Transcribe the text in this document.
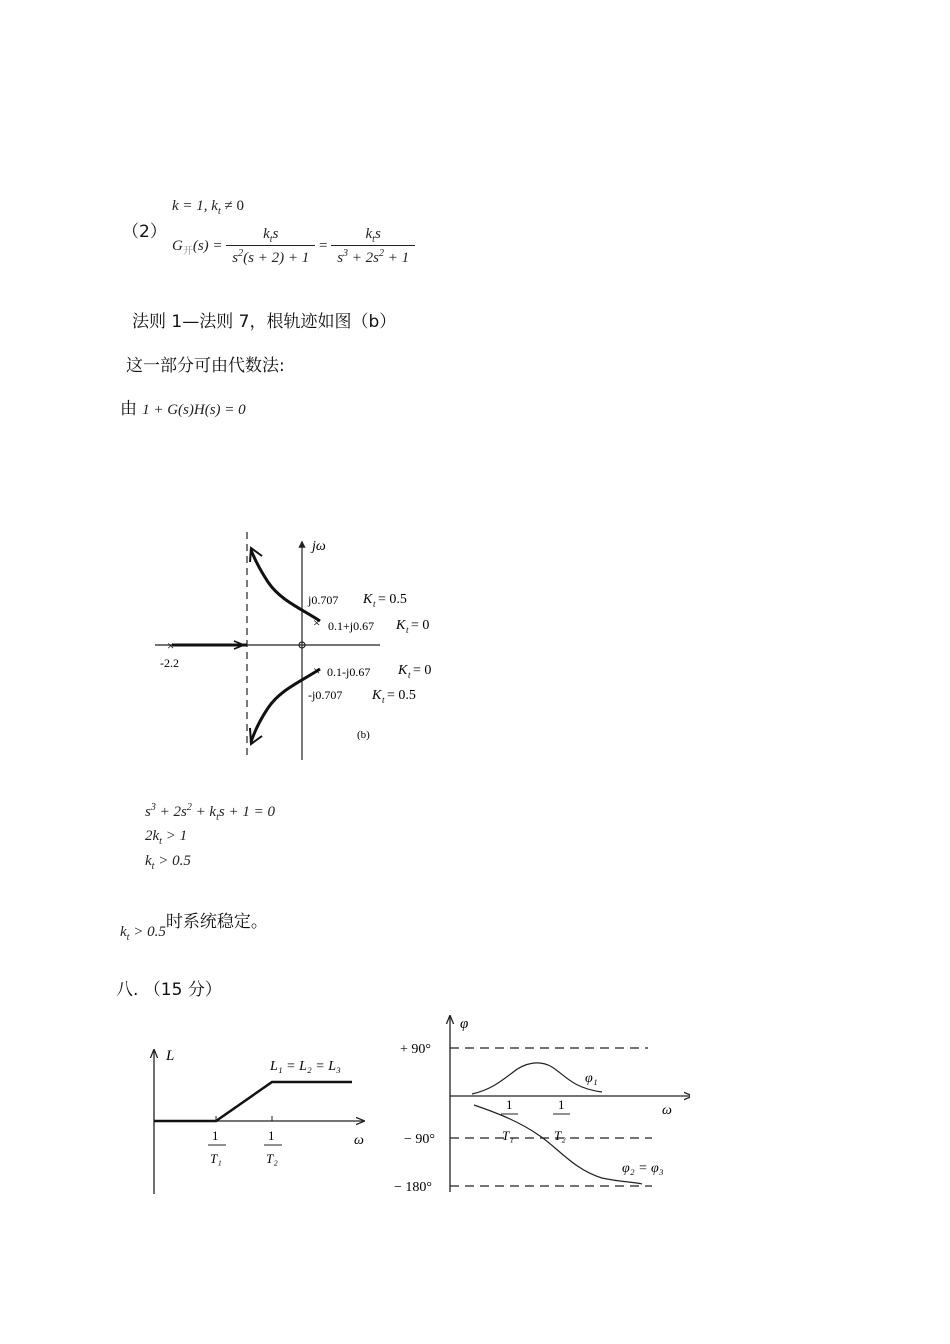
（2）
k = 1, $k_t \ne 0$
$G_开(s) = \frac{k_ts}{s^2(s + 2) + 1} = \frac{k_ts}{s^3 + 2s^2 + 1}$
法则 1—法则 7，根轨迹如图（b）
这一部分可由代数法:
由 1 + G(s)H(s) = 0
jω
×
-2.2
×
×
j0.707
0.1+j0.67
0.1-j0.67
-j0.707
K t = 0.5
K t = 0
K t = 0
K t = 0.5
(b)
$s^3 + 2s^2 + k_ts + 1 = 0$
$2k_t > 1$
$k_t > 0.5$
$k_t > 0.5$时系统稳定。
八. （15 分）
L
ω
L₁ = L₂ = L₃
1
T₁
1
T₂
φ
ω
+ 90°
− 90°
− 180°
φ₁
φ₂ = φ₃
1
T₁
1
T₂
